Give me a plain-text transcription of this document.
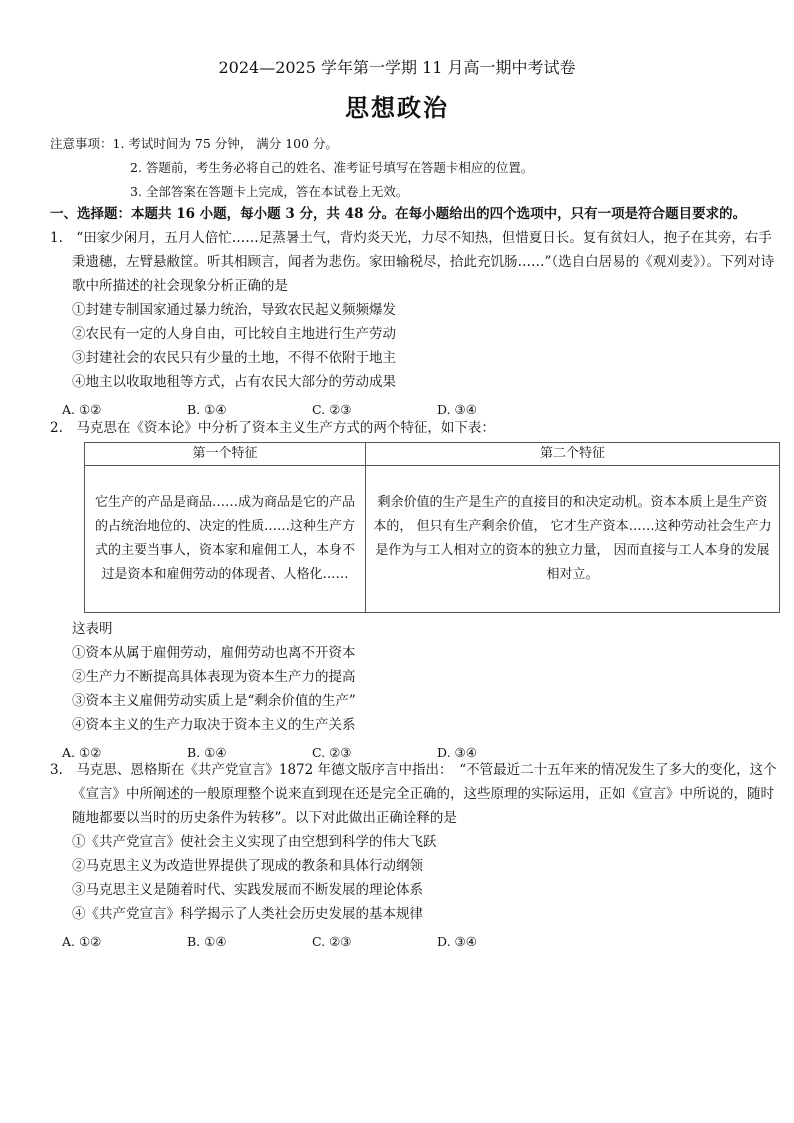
2024—2025 学年第一学期 11 月高一期中考试卷
思想政治
注意事项：1. 考试时间为 75 分钟， 满分 100 分。
2. 答题前，考生务必将自己的姓名、准考证号填写在答题卡相应的位置。
3. 全部答案在答题卡上完成，答在本试卷上无效。
一、选择题：本题共 16 小题，每小题 3 分，共 48 分。在每小题给出的四个选项中，只有一项是符合题目要求的。

1.　“田家少闲月，五月人倍忙……足蒸暑土气，背灼炎天光，力尽不知热，但惜夏日长。复有贫妇人，抱子在其旁，右手秉遗穗，左臂悬敝筐。听其相顾言，闻者为悲伤。家田输税尽，拾此充饥肠……”（选自白居易的《观刈麦》）。下列对诗歌中所描述的社会现象分析正确的是

①封建专制国家通过暴力统治，导致农民起义频频爆发

②农民有一定的人身自由，可比较自主地进行生产劳动

③封建社会的农民只有少量的土地，不得不依附于地主

④地主以收取地租等方式，占有农民大部分的劳动成果

A. ①②	B. ①④	C. ②③	D. ③④

2.　马克思在《资本论》中分析了资本主义生产方式的两个特征，如下表：

第一个特征	第二个特征
它生产的产品是商品……成为商品是它的产品的占统治地位的、决定的性质……这种生产方式的主要当事人，资本家和雇佣工人，本身不过是资本和雇佣劳动的体现者、人格化……	剩余价值的生产是生产的直接目的和决定动机。资本本质上是生产资本的， 但只有生产剩余价值， 它才生产资本……这种劳动社会生产力是作为与工人相对立的资本的独立力量， 因而直接与工人本身的发展相对立。

这表明

①资本从属于雇佣劳动，雇佣劳动也离不开资本

②生产力不断提高具体表现为资本生产力的提高

③资本主义雇佣劳动实质上是“剩余价值的生产”

④资本主义的生产力取决于资本主义的生产关系

A. ①②	B. ①④	C. ②③	D. ③④

3.　马克思、恩格斯在《共产党宣言》1872 年德文版序言中指出：　“不管最近二十五年来的情况发生了多大的变化，这个《宣言》中所阐述的一般原理整个说来直到现在还是完全正确的，这些原理的实际运用，正如《宣言》中所说的，随时随地都要以当时的历史条件为转移”。以下对此做出正确诠释的是

①《共产党宣言》使社会主义实现了由空想到科学的伟大飞跃

②马克思主义为改造世界提供了现成的教条和具体行动纲领

③马克思主义是随着时代、实践发展而不断发展的理论体系

④《共产党宣言》科学揭示了人类社会历史发展的基本规律

A. ①②	B. ①④	C. ②③	D. ③④
